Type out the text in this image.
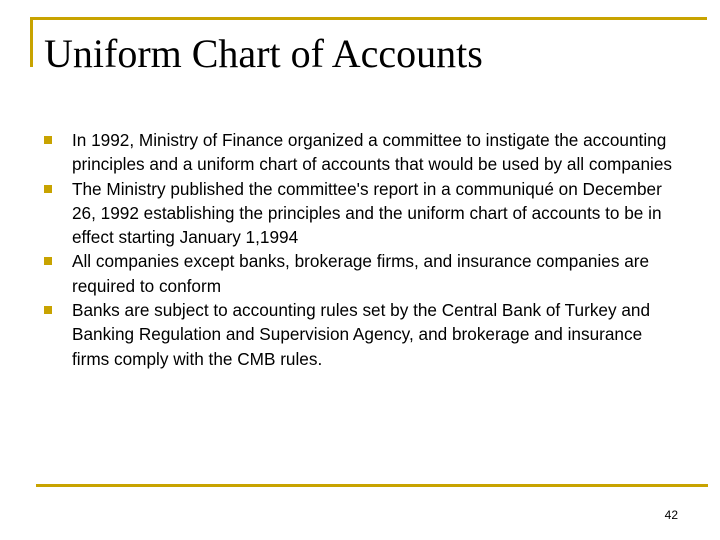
Uniform Chart of Accounts
In 1992, Ministry of Finance organized a committee to instigate the accounting principles and a uniform chart of accounts that would be used by all companies
The Ministry published the committee's report in a communiqué on December 26, 1992 establishing the principles and the uniform chart of accounts to be in effect starting January 1,1994
All companies except banks, brokerage firms, and insurance companies are required to conform
Banks are subject to accounting rules set by the Central Bank of Turkey and Banking Regulation and Supervision Agency, and brokerage and insurance firms comply with the CMB rules.
42
